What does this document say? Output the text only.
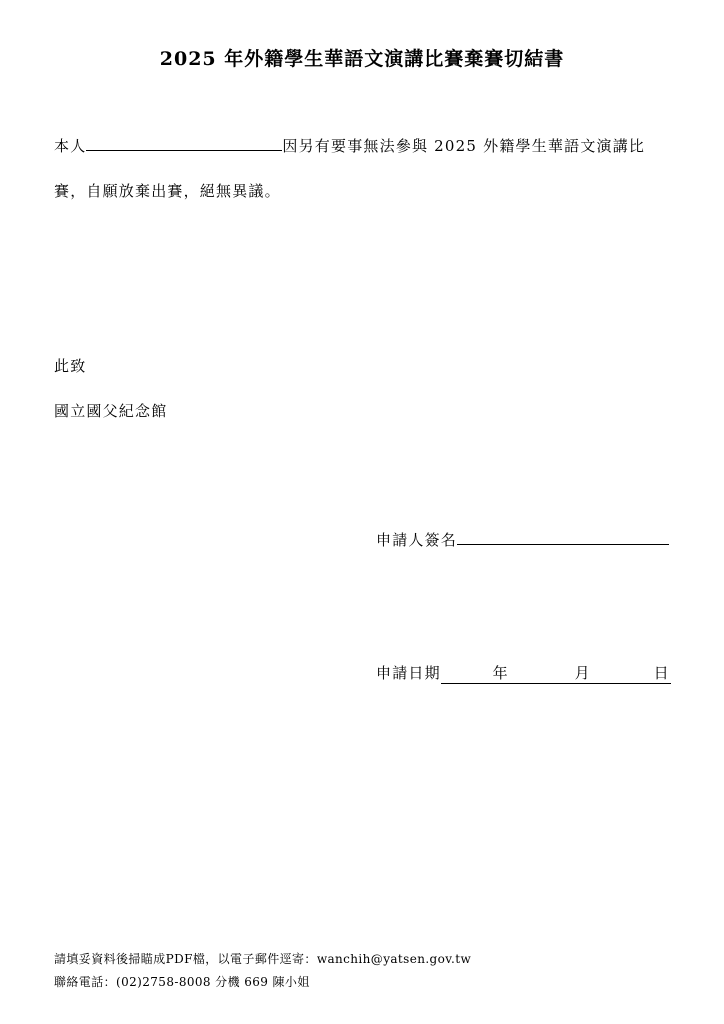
2025 年外籍學生華語文演講比賽棄賽切結書
本人	因另有要事無法參與 2025 外籍學生華語文演講比
賽，自願放棄出賽，絕無異議。
此致
國立國父紀念館
申請人簽名
申請日期	年	月	日
請填妥資料後掃瞄成PDF檔，以電子郵件逕寄：wanchih@yatsen.gov.tw
聯絡電話：(02)2758-8008 分機 669 陳小姐
